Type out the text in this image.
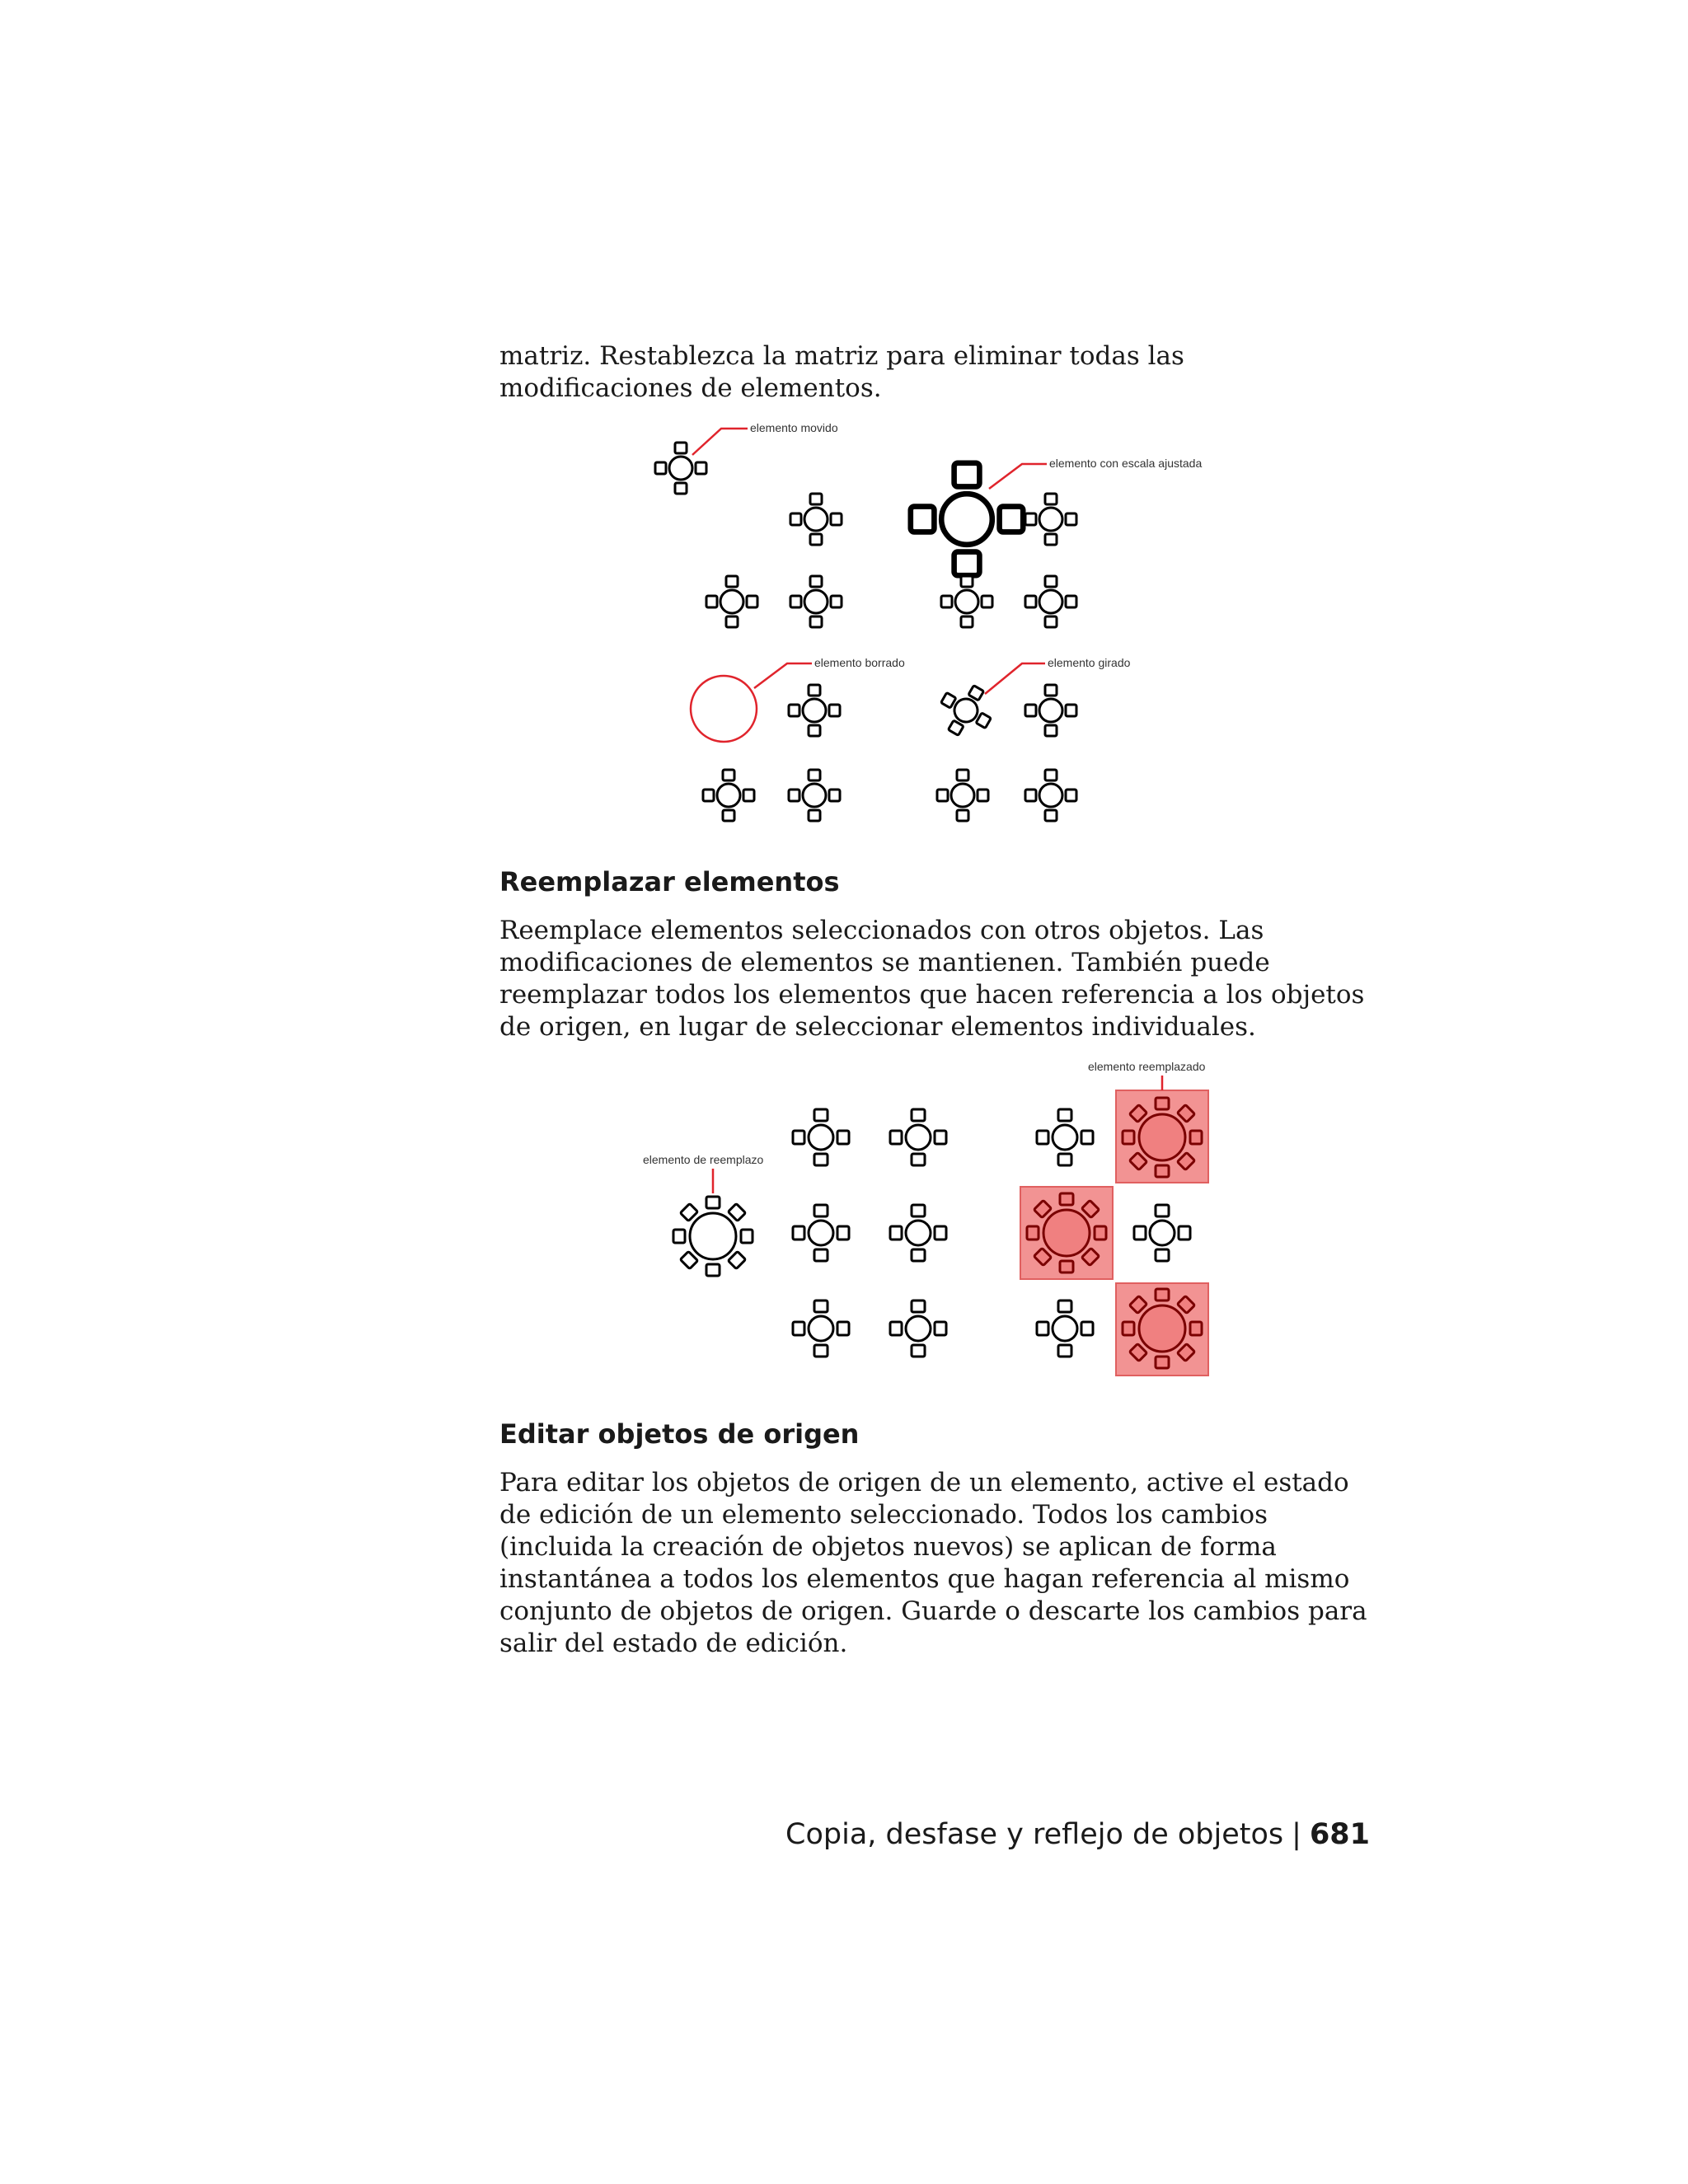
matriz. Restablezca la matriz para eliminar todas las modificaciones de elementos.

elemento movido
elemento con escala ajustada
elemento borrado	elemento girado
Reemplazar elementos

Reemplace elementos seleccionados con otros objetos. Las modificaciones de elementos se mantienen. También puede reemplazar todos los elementos que hacen referencia a los objetos de origen, en lugar de seleccionar elementos individuales.

elemento de reemplazo
elemento reemplazado
Editar objetos de origen

Para editar los objetos de origen de un elemento, active el estado de edición de un elemento seleccionado. Todos los cambios (incluida la creación de objetos nuevos) se aplican de forma instantánea a todos los elementos que hagan referencia al mismo conjunto de objetos de origen. Guarde o descarte los cambios para salir del estado de edición.

Copia, desfase y reflejo de objetos | 681
